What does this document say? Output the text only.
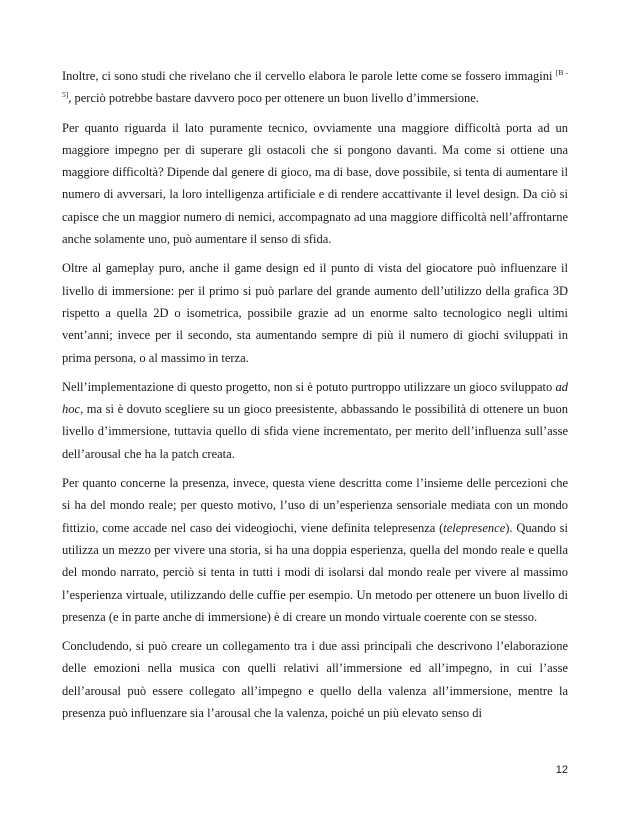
Inoltre, ci sono studi che rivelano che il cervello elabora le parole lette come se fossero immagini [B - 5], perciò potrebbe bastare davvero poco per ottenere un buon livello d’immersione.

Per quanto riguarda il lato puramente tecnico, ovviamente una maggiore difficoltà porta ad un maggiore impegno per di superare gli ostacoli che si pongono davanti. Ma come si ottiene una maggiore difficoltà? Dipende dal genere di gioco, ma di base, dove possibile, si tenta di aumentare il numero di avversari, la loro intelligenza artificiale e di rendere accattivante il level design. Da ciò si capisce che un maggior numero di nemici, accompagnato ad una maggiore difficoltà nell’affrontarne anche solamente uno, può aumentare il senso di sfida.

Oltre al gameplay puro, anche il game design ed il punto di vista del giocatore può influenzare il livello di immersione: per il primo si può parlare del grande aumento dell’utilizzo della grafica 3D rispetto a quella 2D o isometrica, possibile grazie ad un enorme salto tecnologico negli ultimi vent’anni; invece per il secondo, sta aumentando sempre di più il numero di giochi sviluppati in prima persona, o al massimo in terza.

Nell’implementazione di questo progetto, non si è potuto purtroppo utilizzare un gioco sviluppato ad hoc, ma si è dovuto scegliere su un gioco preesistente, abbassando le possibilità di ottenere un buon livello d’immersione, tuttavia quello di sfida viene incrementato, per merito dell’influenza sull’asse dell’arousal che ha la patch creata.

Per quanto concerne la presenza, invece, questa viene descritta come l’insieme delle percezioni che si ha del mondo reale; per questo motivo, l’uso di un’esperienza sensoriale mediata con un mondo fittizio, come accade nel caso dei videogiochi, viene definita telepresenza (telepresence). Quando si utilizza un mezzo per vivere una storia, si ha una doppia esperienza, quella del mondo reale e quella del mondo narrato, perciò si tenta in tutti i modi di isolarsi dal mondo reale per vivere al massimo l’esperienza virtuale, utilizzando delle cuffie per esempio. Un metodo per ottenere un buon livello di presenza (e in parte anche di immersione) è di creare un mondo virtuale coerente con se stesso.

Concludendo, si può creare un collegamento tra i due assi principali che descrivono l’elaborazione delle emozioni nella musica con quelli relativi all’immersione ed all’impegno, in cui l’asse dell’arousal può essere collegato all’impegno e quello della valenza all’immersione, mentre la presenza può influenzare sia l’arousal che la valenza, poiché un più elevato senso di

12
